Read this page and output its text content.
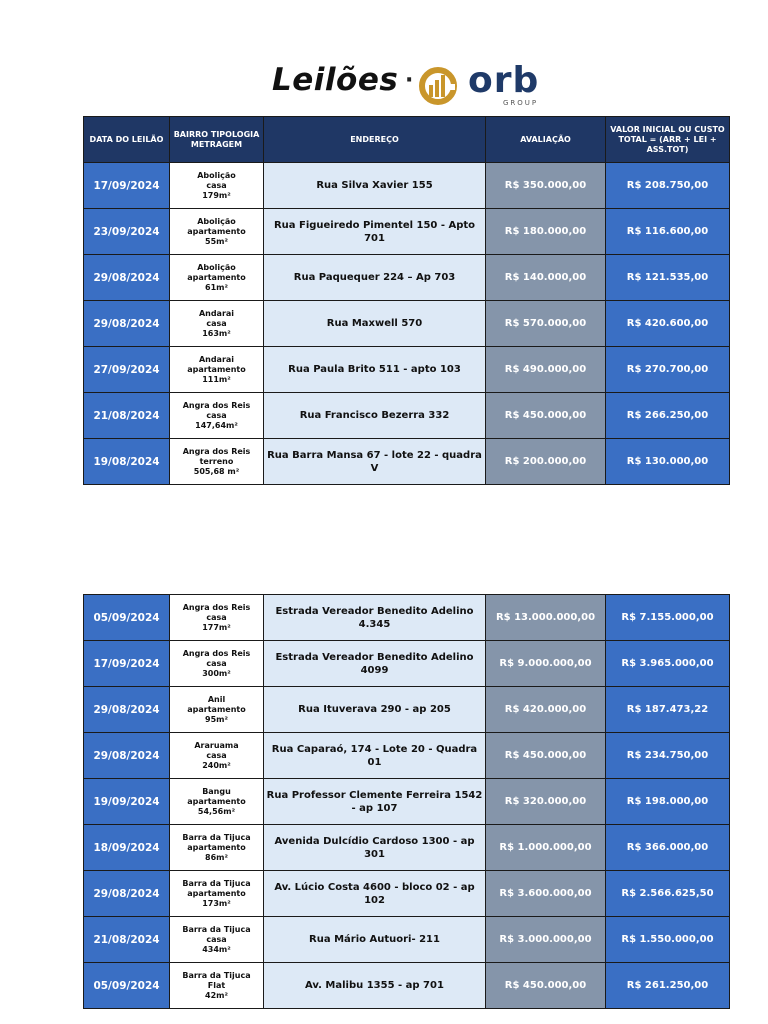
Leilões · orb
GROUP
DATA DO LEILÃO	BAIRRO TIPOLOGIA METRAGEM	ENDEREÇO	AVALIAÇÃO	VALOR INICIAL OU CUSTO TOTAL = (ARR + LEI + ASS.TOT)
17/09/2024	Abolição
casa
179m²	Rua Silva Xavier 155	R$ 350.000,00	R$ 208.750,00
23/09/2024	Abolição
apartamento
55m²	Rua Figueiredo Pimentel 150 - Apto 701	R$ 180.000,00	R$ 116.600,00
29/08/2024	Abolição
apartamento
61m²	Rua Paquequer 224 – Ap 703	R$ 140.000,00	R$ 121.535,00
29/08/2024	Andarai
casa
163m²	Rua Maxwell 570	R$ 570.000,00	R$ 420.600,00
27/09/2024	Andarai
apartamento
111m²	Rua Paula Brito 511 - apto 103	R$ 490.000,00	R$ 270.700,00
21/08/2024	Angra dos Reis
casa
147,64m²	Rua Francisco Bezerra 332	R$ 450.000,00	R$ 266.250,00
19/08/2024	Angra dos Reis
terreno
505,68 m²	Rua Barra Mansa 67 - lote 22 - quadra V	R$ 200.000,00	R$ 130.000,00
05/09/2024	Angra dos Reis
casa
177m²	Estrada Vereador Benedito Adelino 4.345	R$ 13.000.000,00	R$ 7.155.000,00
17/09/2024	Angra dos Reis
casa
300m²	Estrada Vereador Benedito Adelino 4099	R$ 9.000.000,00	R$ 3.965.000,00
29/08/2024	Anil
apartamento
95m²	Rua Ituverava 290 - ap 205	R$ 420.000,00	R$ 187.473,22
29/08/2024	Araruama
casa
240m²	Rua Caparaó, 174 - Lote 20 - Quadra 01	R$ 450.000,00	R$ 234.750,00
19/09/2024	Bangu
apartamento
54,56m²	Rua Professor Clemente Ferreira 1542 - ap 107	R$ 320.000,00	R$ 198.000,00
18/09/2024	Barra da Tijuca
apartamento
86m²	Avenida Dulcídio Cardoso 1300 - ap 301	R$ 1.000.000,00	R$ 366.000,00
29/08/2024	Barra da Tijuca
apartamento
173m²	Av. Lúcio Costa 4600 - bloco 02 - ap 102	R$ 3.600.000,00	R$ 2.566.625,50
21/08/2024	Barra da Tijuca
casa
434m²	Rua Mário Autuori- 211	R$ 3.000.000,00	R$ 1.550.000,00
05/09/2024	Barra da Tijuca
Flat
42m²	Av. Malibu 1355 - ap 701	R$ 450.000,00	R$ 261.250,00
